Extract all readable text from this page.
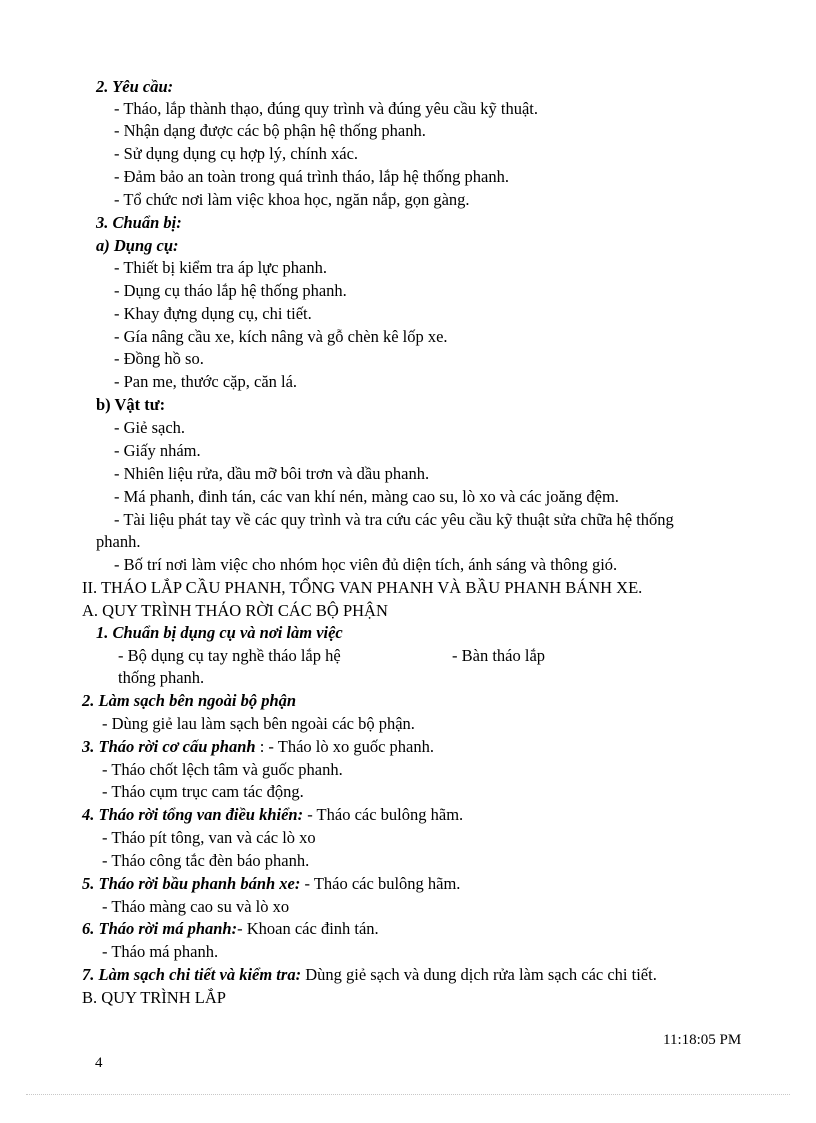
2. Yêu cầu:
- Tháo, lắp thành thạo, đúng quy trình và đúng yêu cầu kỹ thuật.
- Nhận dạng được các bộ phận hệ thống phanh.
- Sử dụng dụng cụ hợp lý, chính xác.
- Đảm bảo an toàn trong quá trình tháo, lắp hệ thống phanh.
- Tổ chức nơi làm việc khoa học, ngăn nắp, gọn gàng.
3. Chuẩn bị:
a) Dụng cụ:
- Thiết bị kiểm tra áp lực phanh.
- Dụng cụ tháo lắp hệ thống phanh.
- Khay đựng dụng cụ, chi tiết.
- Gía nâng cầu xe, kích nâng và gỗ chèn kê lốp xe.
- Đồng hồ so.
- Pan me, thước cặp, căn lá.
b) Vật tư:
- Giẻ sạch.
- Giấy nhám.
- Nhiên liệu rửa, dầu mỡ bôi trơn và dầu phanh.
- Má phanh, đinh tán, các van khí nén, màng cao su, lò xo và các joăng đệm.
- Tài liệu phát tay về các quy trình và tra cứu các yêu cầu kỹ thuật sửa chữa hệ thống
phanh.
- Bố trí nơi làm việc cho nhóm học viên đủ diện tích, ánh sáng và thông gió.
II. THÁO LẮP CẦU PHANH, TỔNG VAN PHANH VÀ BẦU PHANH BÁNH XE.
A. QUY TRÌNH THÁO RỜI CÁC BỘ PHẬN
1. Chuẩn bị dụng cụ và nơi làm việc
- Bộ dụng cụ tay nghề tháo lắp hệ	- Bàn tháo lắp
thống phanh.
2. Làm sạch bên ngoài bộ phận
- Dùng giẻ lau làm sạch bên ngoài các bộ phận.
3. Tháo rời cơ cấu phanh : - Tháo lò xo guốc phanh.
- Tháo chốt lệch tâm và guốc phanh.
- Tháo cụm trục cam tác động.
4. Tháo rời tổng van điều khiển: - Tháo các bulông hãm.
- Tháo pít tông, van và các lò xo
- Tháo công tắc đèn báo phanh.
5. Tháo rời bầu phanh bánh xe: - Tháo các bulông hãm.
- Tháo màng cao su và lò xo
6. Tháo rời má phanh:- Khoan các đinh tán.
- Tháo má phanh.
7. Làm sạch chi tiết và kiểm tra: Dùng giẻ sạch và dung dịch rửa làm sạch các chi tiết.
B. QUY TRÌNH LẮP
11:18:05 PM
4
